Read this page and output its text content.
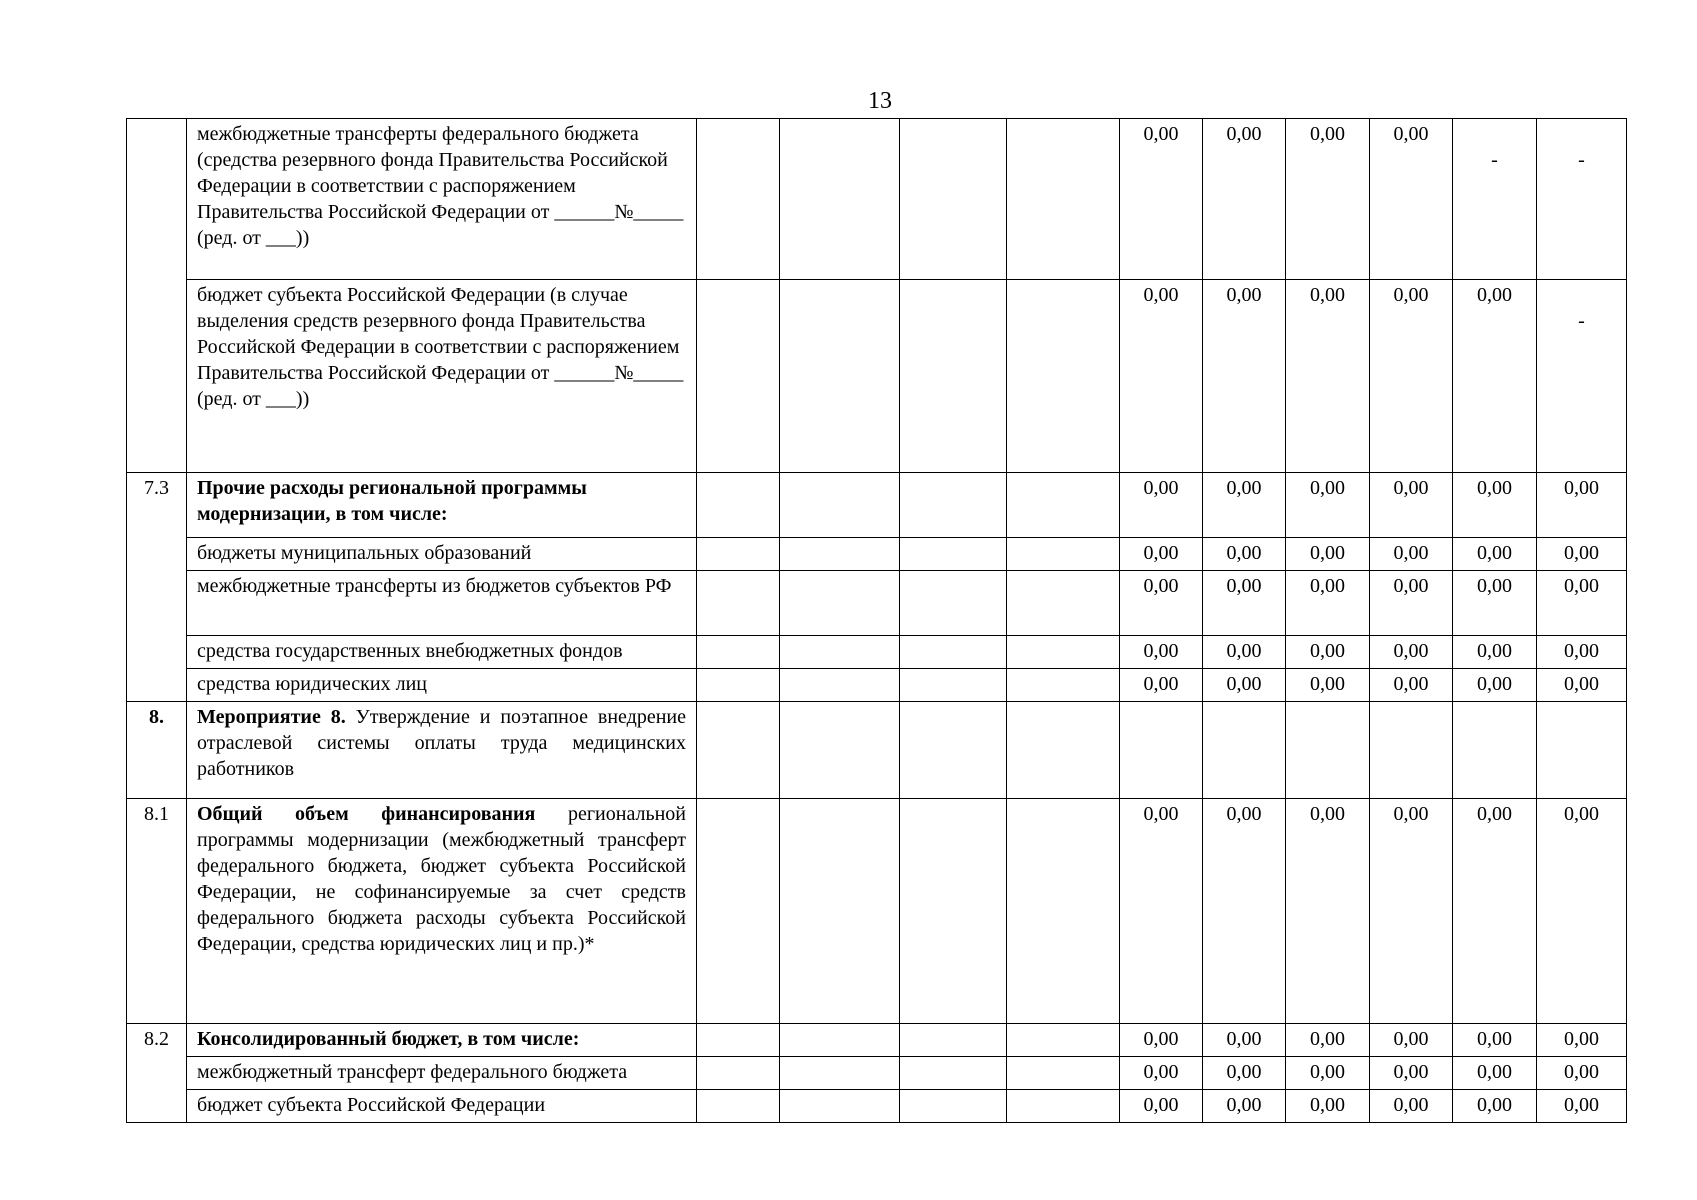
13
	межбюджетные трансферты федерального бюджета (средства резервного фонда Правительства Российской Федерации в соответствии с распоряжением Правительства Российской Федерации от ______№_____ (ред. от ___))					0,00	0,00	0,00	0,00	-	-
	бюджет субъекта Российской Федерации (в случае выделения средств резервного фонда Правительства Российской Федерации в соответствии с распоряжением Правительства Российской Федерации от ______№_____ (ред. от ___))					0,00	0,00	0,00	0,00	0,00	-
7.3	Прочие расходы региональной программы модернизации, в том числе:					0,00	0,00	0,00	0,00	0,00	0,00
	бюджеты муниципальных образований					0,00	0,00	0,00	0,00	0,00	0,00
	межбюджетные трансферты из бюджетов субъектов РФ					0,00	0,00	0,00	0,00	0,00	0,00
	средства государственных внебюджетных фондов					0,00	0,00	0,00	0,00	0,00	0,00
	средства юридических лиц					0,00	0,00	0,00	0,00	0,00	0,00
8.	Мероприятие 8. Утверждение и поэтапное внедрение отраслевой системы оплаты труда медицинских работников										
8.1	Общий объем финансирования региональной программы модернизации (межбюджетный трансферт федерального бюджета, бюджет субъекта Российской Федерации, не софинансируемые за счет средств федерального бюджета расходы субъекта Российской Федерации, средства юридических лиц и пр.)*					0,00	0,00	0,00	0,00	0,00	0,00
8.2	Консолидированный бюджет, в том числе:					0,00	0,00	0,00	0,00	0,00	0,00
	межбюджетный трансферт федерального бюджета					0,00	0,00	0,00	0,00	0,00	0,00
	бюджет субъекта Российской Федерации					0,00	0,00	0,00	0,00	0,00	0,00
